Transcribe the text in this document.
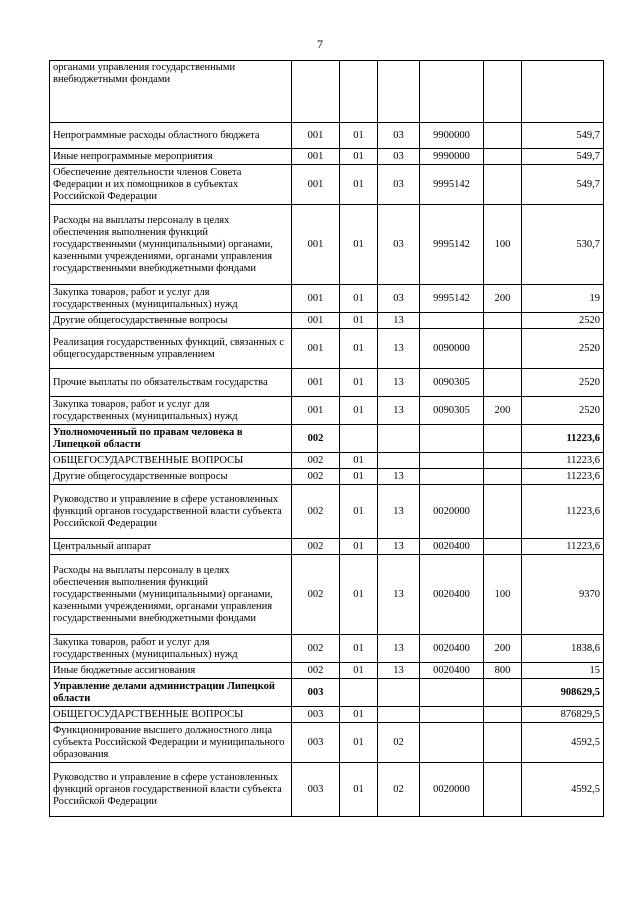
7
органами управления государственными внебюджетными фондами						
Непрограммные расходы областного бюджета	001	01	03	9900000		549,7
Иные непрограммные мероприятия	001	01	03	9990000		549,7
Обеспечение деятельности членов Совета Федерации и их помощников в субъектах Российской Федерации	001	01	03	9995142		549,7
Расходы на выплаты персоналу в целях обеспечения выполнения функций государственными (муниципальными) органами, казенными учреждениями, органами управления государственными внебюджетными фондами	001	01	03	9995142	100	530,7
Закупка товаров, работ и услуг для государственных (муниципальных) нужд	001	01	03	9995142	200	19
Другие общегосударственные вопросы	001	01	13			2520
Реализация государственных функций, связанных с общегосударственным управлением	001	01	13	0090000		2520
Прочие выплаты по обязательствам государства	001	01	13	0090305		2520
Закупка товаров, работ и услуг для государственных (муниципальных) нужд	001	01	13	0090305	200	2520
Уполномоченный по правам человека в Липецкой области	002					11223,6
ОБЩЕГОСУДАРСТВЕННЫЕ ВОПРОСЫ	002	01				11223,6
Другие общегосударственные вопросы	002	01	13			11223,6
Руководство и управление в сфере установленных функций органов государственной власти субъекта Российской Федерации	002	01	13	0020000		11223,6
Центральный аппарат	002	01	13	0020400		11223,6
Расходы на выплаты персоналу в целях обеспечения выполнения функций государственными (муниципальными) органами, казенными учреждениями, органами управления государственными внебюджетными фондами	002	01	13	0020400	100	9370
Закупка товаров, работ и услуг для государственных (муниципальных) нужд	002	01	13	0020400	200	1838,6
Иные бюджетные ассигнования	002	01	13	0020400	800	15
Управление делами администрации Липецкой области	003					908629,5
ОБЩЕГОСУДАРСТВЕННЫЕ ВОПРОСЫ	003	01				876829,5
Функционирование высшего должностного лица субъекта Российской Федерации и муниципального образования	003	01	02			4592,5
Руководство и управление в сфере установленных функций органов государственной власти субъекта Российской Федерации	003	01	02	0020000		4592,5
